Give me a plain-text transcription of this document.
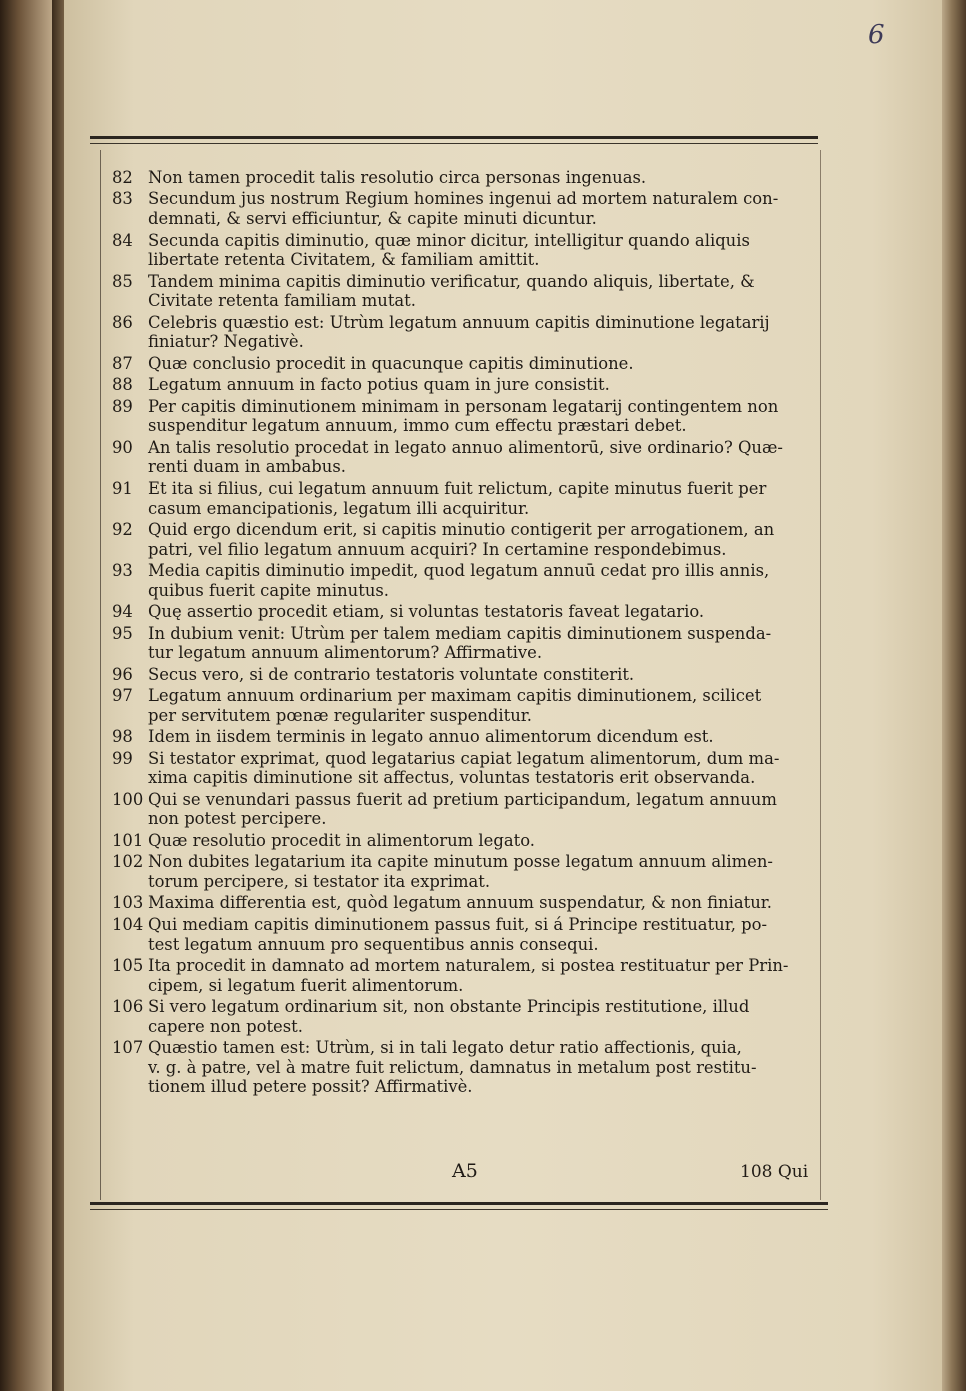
6
82 Non tamen procedit talis resolutio circa personas ingenuas.
83 Secundum jus nostrum Regium homines ingenui ad mortem naturalem con-
demnati, & servi efficiuntur, & capite minuti dicuntur.
84 Secunda capitis diminutio, quæ minor dicitur, intelligitur quando aliquis
libertate retenta Civitatem, & familiam amittit.
85 Tandem minima capitis diminutio verificatur, quando aliquis, libertate, &
Civitate retenta familiam mutat.
86 Celebris quæstio est: Utrùm legatum annuum capitis diminutione legatarij
finiatur? Negativè.
87 Quæ conclusio procedit in quacunque capitis diminutione.
88 Legatum annuum in facto potius quam in jure consistit.
89 Per capitis diminutionem minimam in personam legatarij contingentem non
suspenditur legatum annuum, immo cum effectu præstari debet.
90 An talis resolutio procedat in legato annuo alimentorū, sive ordinario? Quæ-
renti duam in ambabus.
91 Et ita si filius, cui legatum annuum fuit relictum, capite minutus fuerit per
casum emancipationis, legatum illi acquiritur.
92 Quid ergo dicendum erit, si capitis minutio contigerit per arrogationem, an
patri, vel filio legatum annuum acquiri? In certamine respondebimus.
93 Media capitis diminutio impedit, quod legatum annuū cedat pro illis annis,
quibus fuerit capite minutus.
94 Quę assertio procedit etiam, si voluntas testatoris faveat legatario.
95 In dubium venit: Utrùm per talem mediam capitis diminutionem suspenda-
tur legatum annuum alimentorum? Affirmative.
96 Secus vero, si de contrario testatoris voluntate constiterit.
97 Legatum annuum ordinarium per maximam capitis diminutionem, scilicet
per servitutem pœnæ regulariter suspenditur.
98 Idem in iisdem terminis in legato annuo alimentorum dicendum est.
99 Si testator exprimat, quod legatarius capiat legatum alimentorum, dum ma-
xima capitis diminutione sit affectus, voluntas testatoris erit observanda.
100 Qui se venundari passus fuerit ad pretium participandum, legatum annuum
non potest percipere.
101 Quæ resolutio procedit in alimentorum legato.
102 Non dubites legatarium ita capite minutum posse legatum annuum alimen-
torum percipere, si testator ita exprimat.
103 Maxima differentia est, quòd legatum annuum suspendatur, & non finiatur.
104 Qui mediam capitis diminutionem passus fuit, si á Principe restituatur, po-
test legatum annuum pro sequentibus annis consequi.
105 Ita procedit in damnato ad mortem naturalem, si postea restituatur per Prin-
cipem, si legatum fuerit alimentorum.
106 Si vero legatum ordinarium sit, non obstante Principis restitutione, illud
capere non potest.
107 Quæstio tamen est: Utrùm, si in tali legato detur ratio affectionis, quia,
v. g. à patre, vel à matre fuit relictum, damnatus in metalum post restitu-
tionem illud petere possit? Affirmativè.
A5	108 Qui
